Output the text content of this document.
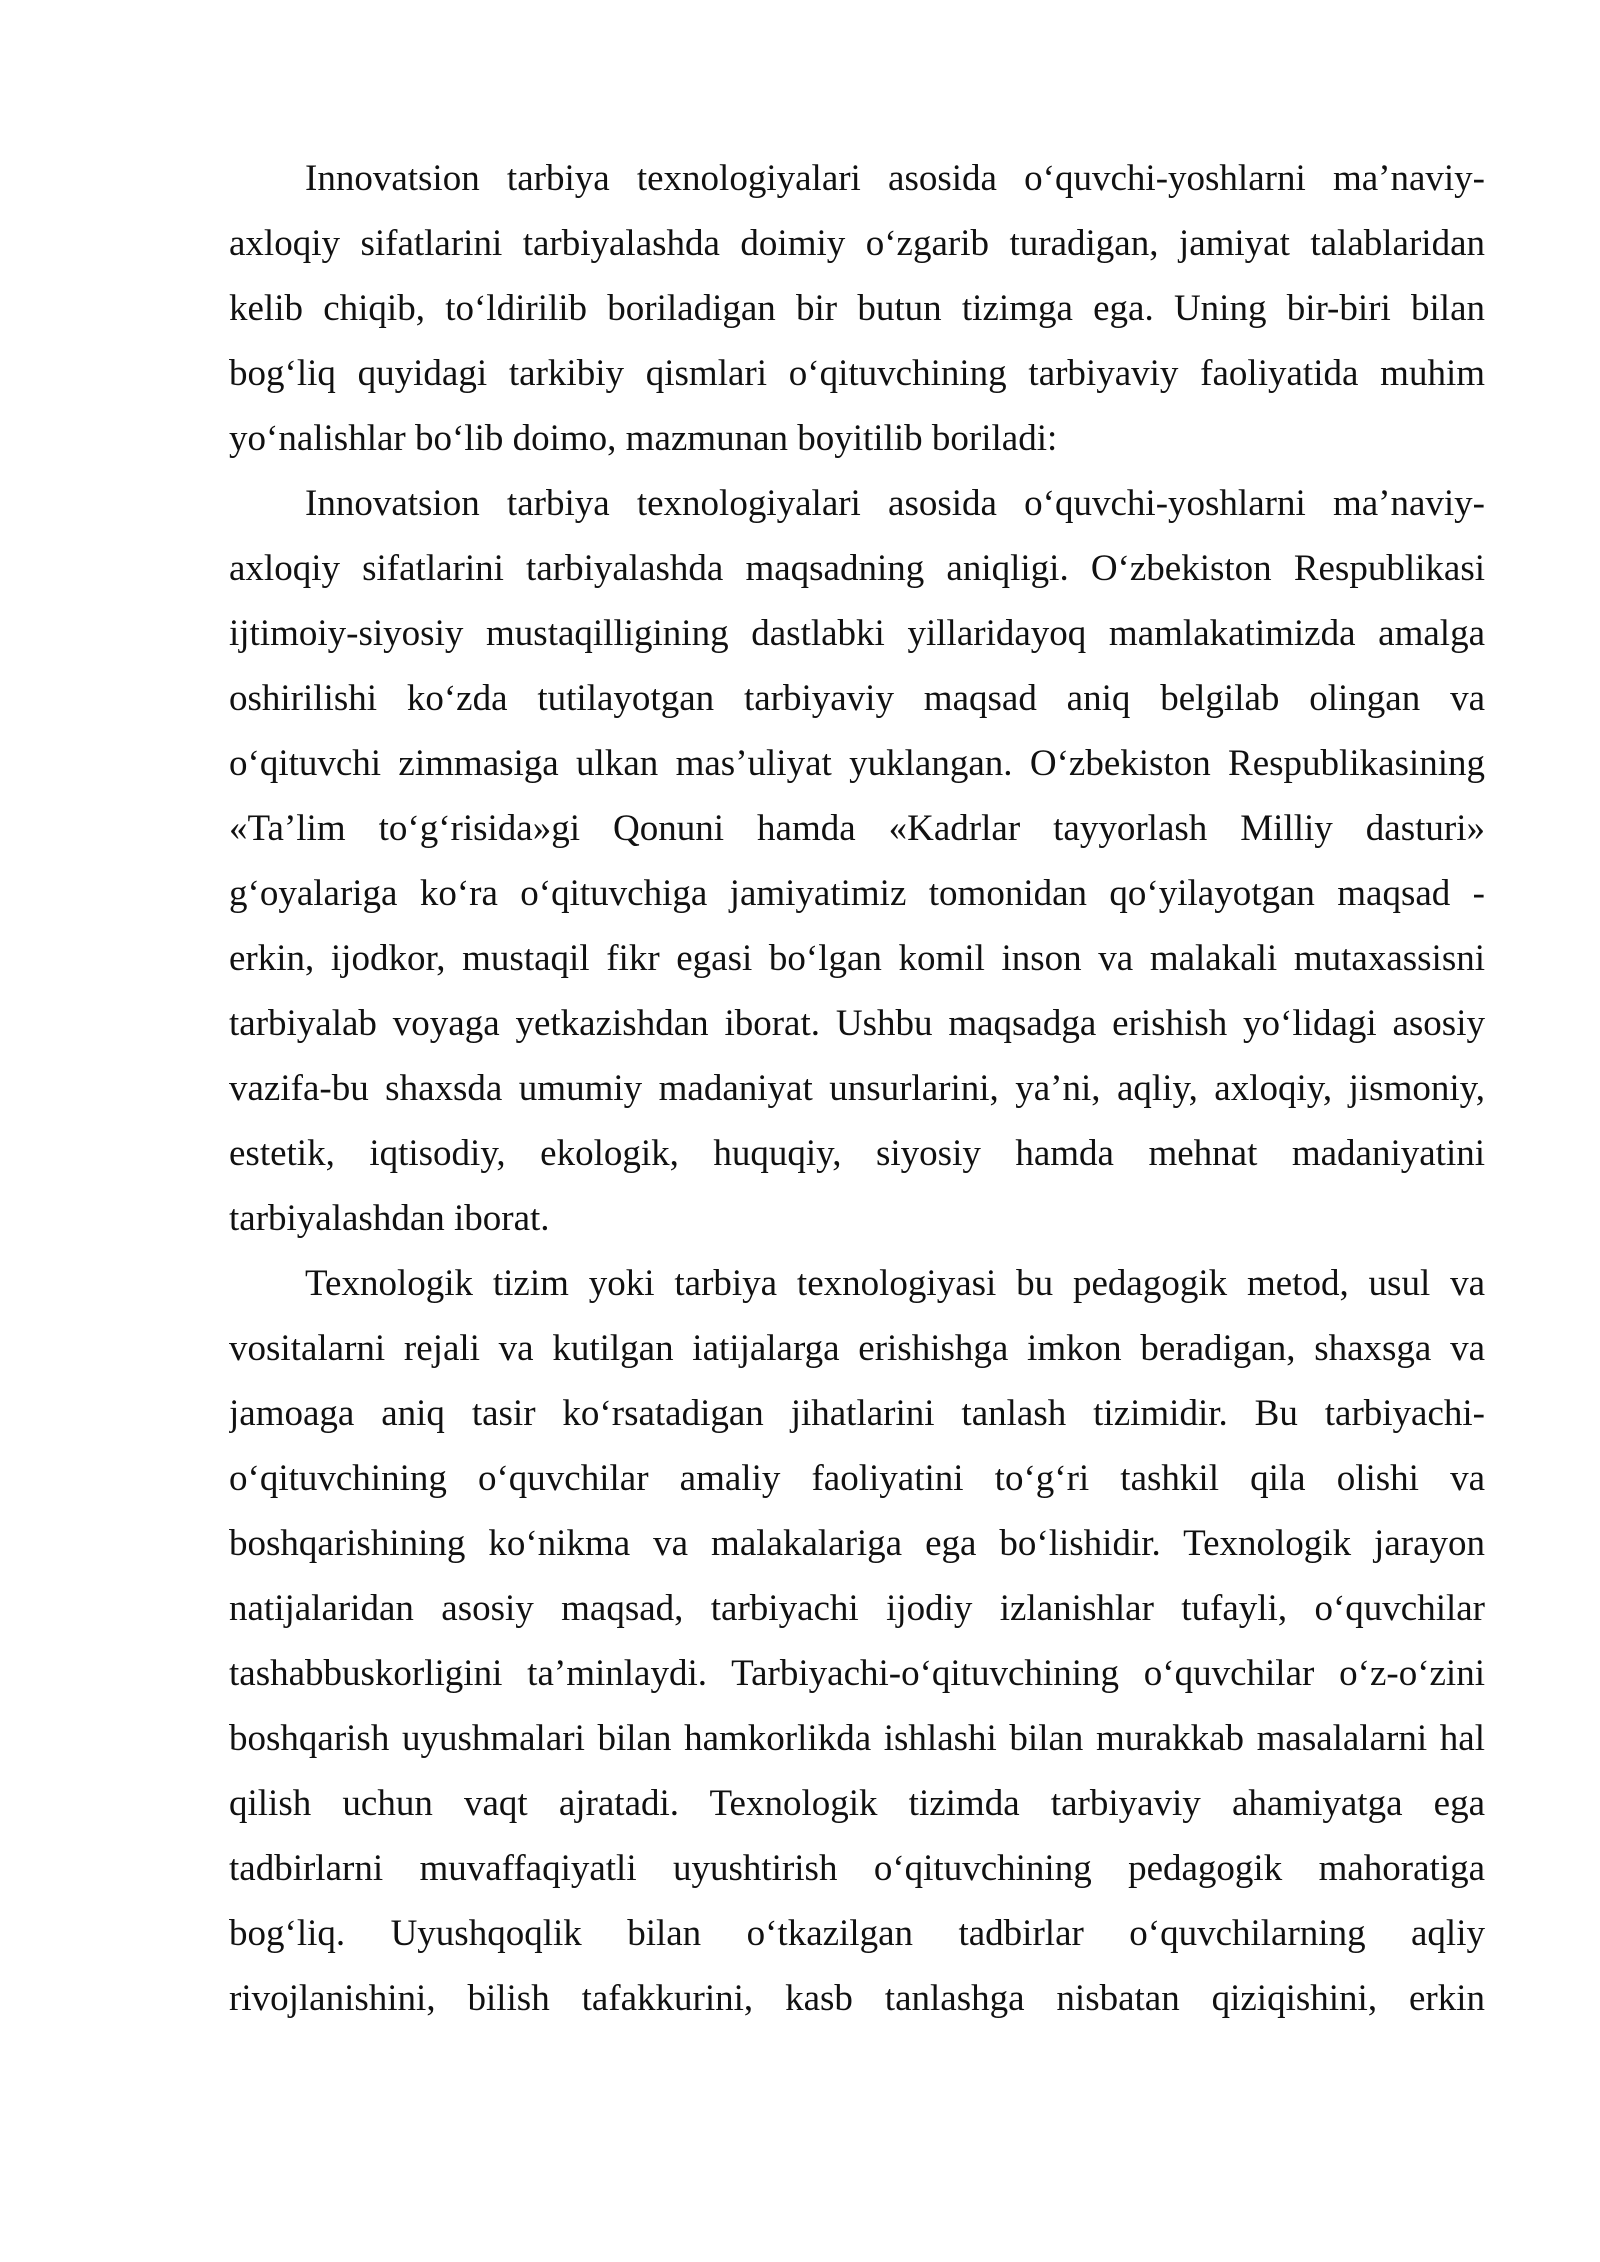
Innovatsion tarbiya texnologiyalari asosida o‘quvchi-yoshlarni ma’naviy-
axloqiy sifatlarini tarbiyalashda doimiy o‘zgarib turadigan, jamiyat talablaridan
kelib chiqib, to‘ldirilib boriladigan bir butun tizimga ega. Uning bir-biri bilan
bog‘liq quyidagi tarkibiy qismlari o‘qituvchining tarbiyaviy faoliyatida muhim
yo‘nalishlar bo‘lib doimo, mazmunan boyitilib boriladi:
Innovatsion tarbiya texnologiyalari asosida o‘quvchi-yoshlarni ma’naviy-
axloqiy sifatlarini tarbiyalashda maqsadning aniqligi. O‘zbekiston Respublikasi
ijtimoiy-siyosiy mustaqilligining dastlabki yillaridayoq mamlakatimizda amalga
oshirilishi ko‘zda tutilayotgan tarbiyaviy maqsad aniq belgilab olingan va
o‘qituvchi zimmasiga ulkan mas’uliyat yuklangan. O‘zbekiston Respublikasining
«Ta’lim to‘g‘risida»gi Qonuni hamda «Kadrlar tayyorlash Milliy dasturi»
g‘oyalariga ko‘ra o‘qituvchiga jamiyatimiz tomonidan qo‘yilayotgan maqsad -
erkin, ijodkor, mustaqil fikr egasi bo‘lgan komil inson va malakali mutaxassisni
tarbiyalab voyaga yetkazishdan iborat. Ushbu maqsadga erishish yo‘lidagi asosiy
vazifa-bu shaxsda umumiy madaniyat unsurlarini, ya’ni, aqliy, axloqiy, jismoniy,
estetik, iqtisodiy, ekologik, huquqiy, siyosiy hamda mehnat madaniyatini
tarbiyalashdan iborat.
Texnologik tizim yoki tarbiya texnologiyasi bu pedagogik metod, usul va
vositalarni rejali va kutilgan iatijalarga erishishga imkon beradigan, shaxsga va
jamoaga aniq tasir ko‘rsatadigan jihatlarini tanlash tizimidir. Bu tarbiyachi-
o‘qituvchining o‘quvchilar amaliy faoliyatini to‘g‘ri tashkil qila olishi va
boshqarishining ko‘nikma va malakalariga ega bo‘lishidir. Texnologik jarayon
natijalaridan asosiy maqsad, tarbiyachi ijodiy izlanishlar tufayli, o‘quvchilar
tashabbuskorligini ta’minlaydi. Tarbiyachi-o‘qituvchining o‘quvchilar o‘z-o‘zini
boshqarish uyushmalari bilan hamkorlikda ishlashi bilan murakkab masalalarni hal
qilish uchun vaqt ajratadi. Texnologik tizimda tarbiyaviy ahamiyatga ega
tadbirlarni muvaffaqiyatli uyushtirish o‘qituvchining pedagogik mahoratiga
bog‘liq. Uyushqoqlik bilan o‘tkazilgan tadbirlar o‘quvchilarning aqliy
rivojlanishini, bilish tafakkurini, kasb tanlashga nisbatan qiziqishini, erkin
